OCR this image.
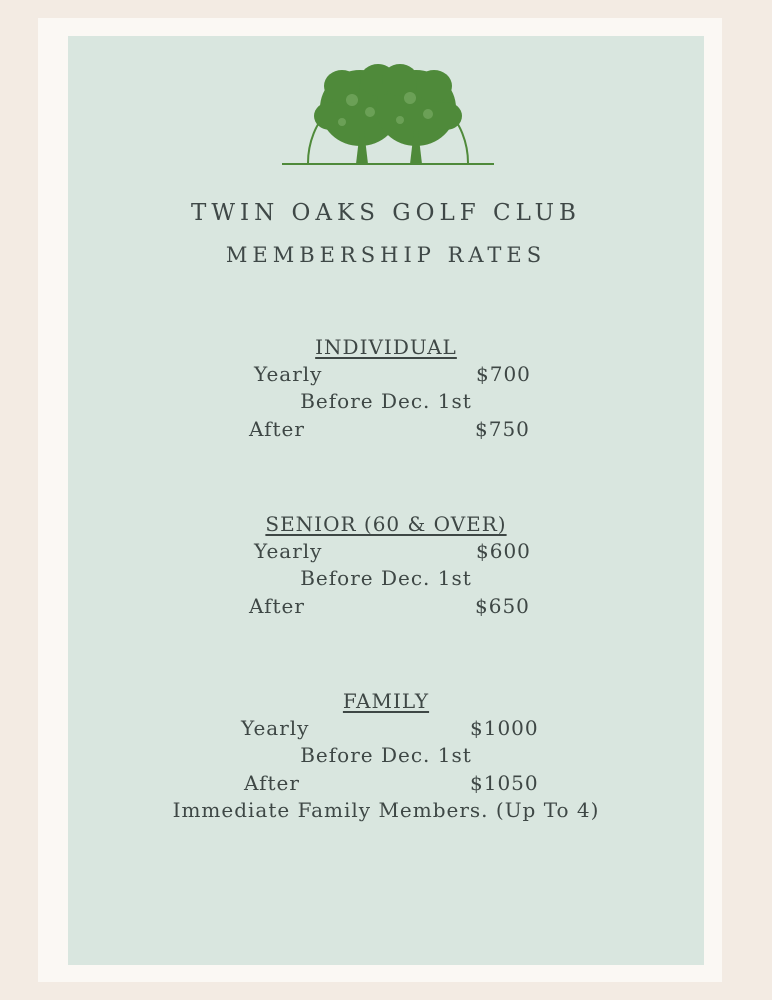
TWIN OAKS GOLF CLUB
MEMBERSHIP RATES
INDIVIDUAL
Yearly	$700
Before Dec. 1st
After	$750
SENIOR (60 & OVER)
Yearly	$600
Before Dec. 1st
After	$650
FAMILY
Yearly	$1000
Before Dec. 1st
After	$1050
Immediate Family Members. (Up To 4)
